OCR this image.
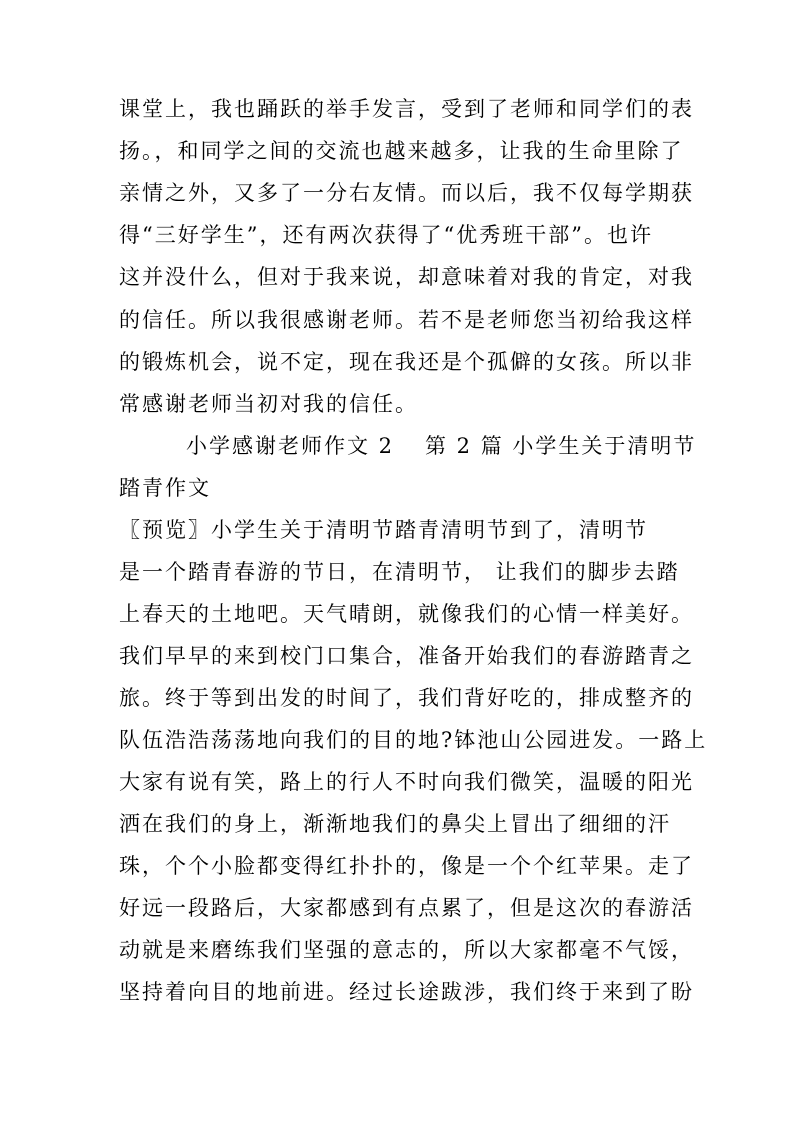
课堂上，我也踊跃的举手发言，受到了老师和同学们的表

扬。，和同学之间的交流也越来越多，让我的生命里除了

亲情之外，又多了一分右友情。而以后，我不仅每学期获

得“三好学生”，还有两次获得了“优秀班干部”。也许

这并没什么，但对于我来说，却意味着对我的肯定，对我

的信任。所以我很感谢老师。若不是老师您当初给我这样

的锻炼机会，说不定，现在我还是个孤僻的女孩。所以非

常感谢老师当初对我的信任。

小学感谢老师作文 2 第 2 篇 小学生关于清明节

踏青作文

〖预览〗小学生关于清明节踏青清明节到了，清明节

是一个踏青春游的节日，在清明节， 让我们的脚步去踏

上春天的土地吧。天气晴朗，就像我们的心情一样美好。

我们早早的来到校门口集合，准备开始我们的春游踏青之

旅。终于等到出发的时间了，我们背好吃的，排成整齐的

队伍浩浩荡荡地向我们的目的地?钵池山公园进发。一路上

大家有说有笑，路上的行人不时向我们微笑，温暖的阳光

洒在我们的身上，渐渐地我们的鼻尖上冒出了细细的汗

珠，个个小脸都变得红扑扑的，像是一个个红苹果。走了

好远一段路后，大家都感到有点累了，但是这次的春游活

动就是来磨练我们坚强的意志的，所以大家都毫不气馁，

坚持着向目的地前进。经过长途跋涉，我们终于来到了盼
